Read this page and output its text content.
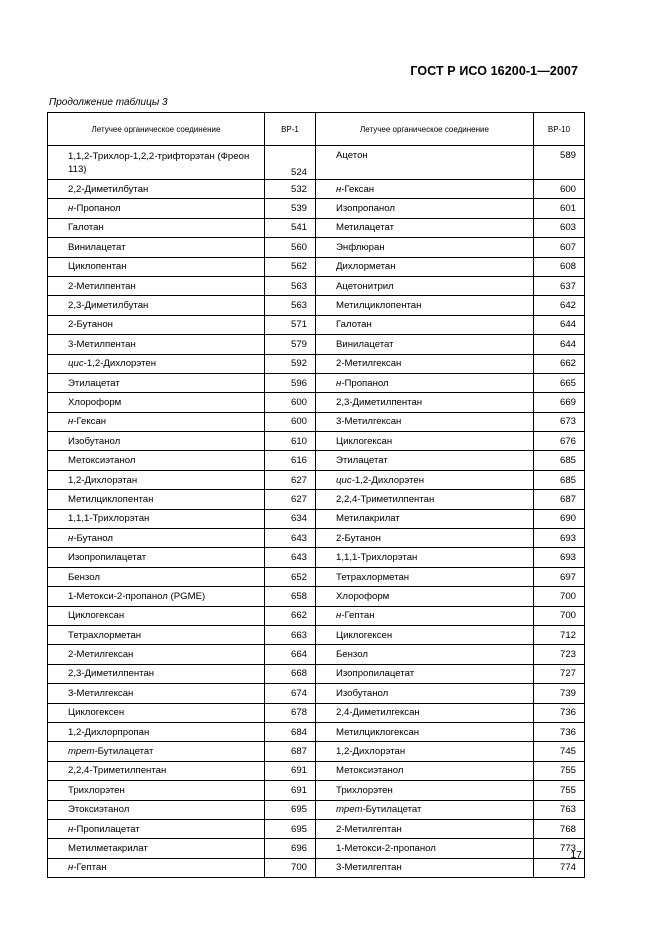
ГОСТ Р ИСО 16200-1—2007
Продолжение таблицы 3
Летучее органическое соединение	ВР-1	Летучее органическое соединение	ВР-10
1,1,2-Трихлор-1,2,2-трифторэтан (Фреон 113)	524	Ацетон	589
2,2-Диметилбутан	532	н-Гексан	600
н-Пропанол	539	Изопропанол	601
Галотан	541	Метилацетат	603
Винилацетат	560	Энфлюран	607
Циклопентан	562	Дихлорметан	608
2-Метилпентан	563	Ацетонитрил	637
2,3-Диметилбутан	563	Метилциклопентан	642
2-Бутанон	571	Галотан	644
3-Метилпентан	579	Винилацетат	644
цис-1,2-Дихлорэтен	592	2-Метилгексан	662
Этилацетат	596	н-Пропанол	665
Хлороформ	600	2,3-Диметилпентан	669
н-Гексан	600	3-Метилгексан	673
Изобутанол	610	Циклогексан	676
Метоксиэтанол	616	Этилацетат	685
1,2-Дихлорэтан	627	цис-1,2-Дихлорэтен	685
Метилциклопентан	627	2,2,4-Триметилпентан	687
1,1,1-Трихлорэтан	634	Метилакрилат	690
н-Бутанол	643	2-Бутанон	693
Изопропилацетат	643	1,1,1-Трихлорэтан	693
Бензол	652	Тетрахлорметан	697
1-Метокси-2-пропанол (PGME)	658	Хлороформ	700
Циклогексан	662	н-Гептан	700
Тетрахлорметан	663	Циклогексен	712
2-Метилгексан	664	Бензол	723
2,3-Диметилпентан	668	Изопропилацетат	727
3-Метилгексан	674	Изобутанол	739
Циклогексен	678	2,4-Диметилгексан	736
1,2-Дихлорпропан	684	Метилциклогексан	736
трет-Бутилацетат	687	1,2-Дихлорэтан	745
2,2,4-Триметилпентан	691	Метоксиэтанол	755
Трихлорэтен	691	Трихлорэтен	755
Этоксиэтанол	695	трет-Бутилацетат	763
н-Пропилацетат	695	2-Метилгептан	768
Метилметакрилат	696	1-Метокси-2-пропанол	773
н-Гептан	700	3-Метилгептан	774
17
